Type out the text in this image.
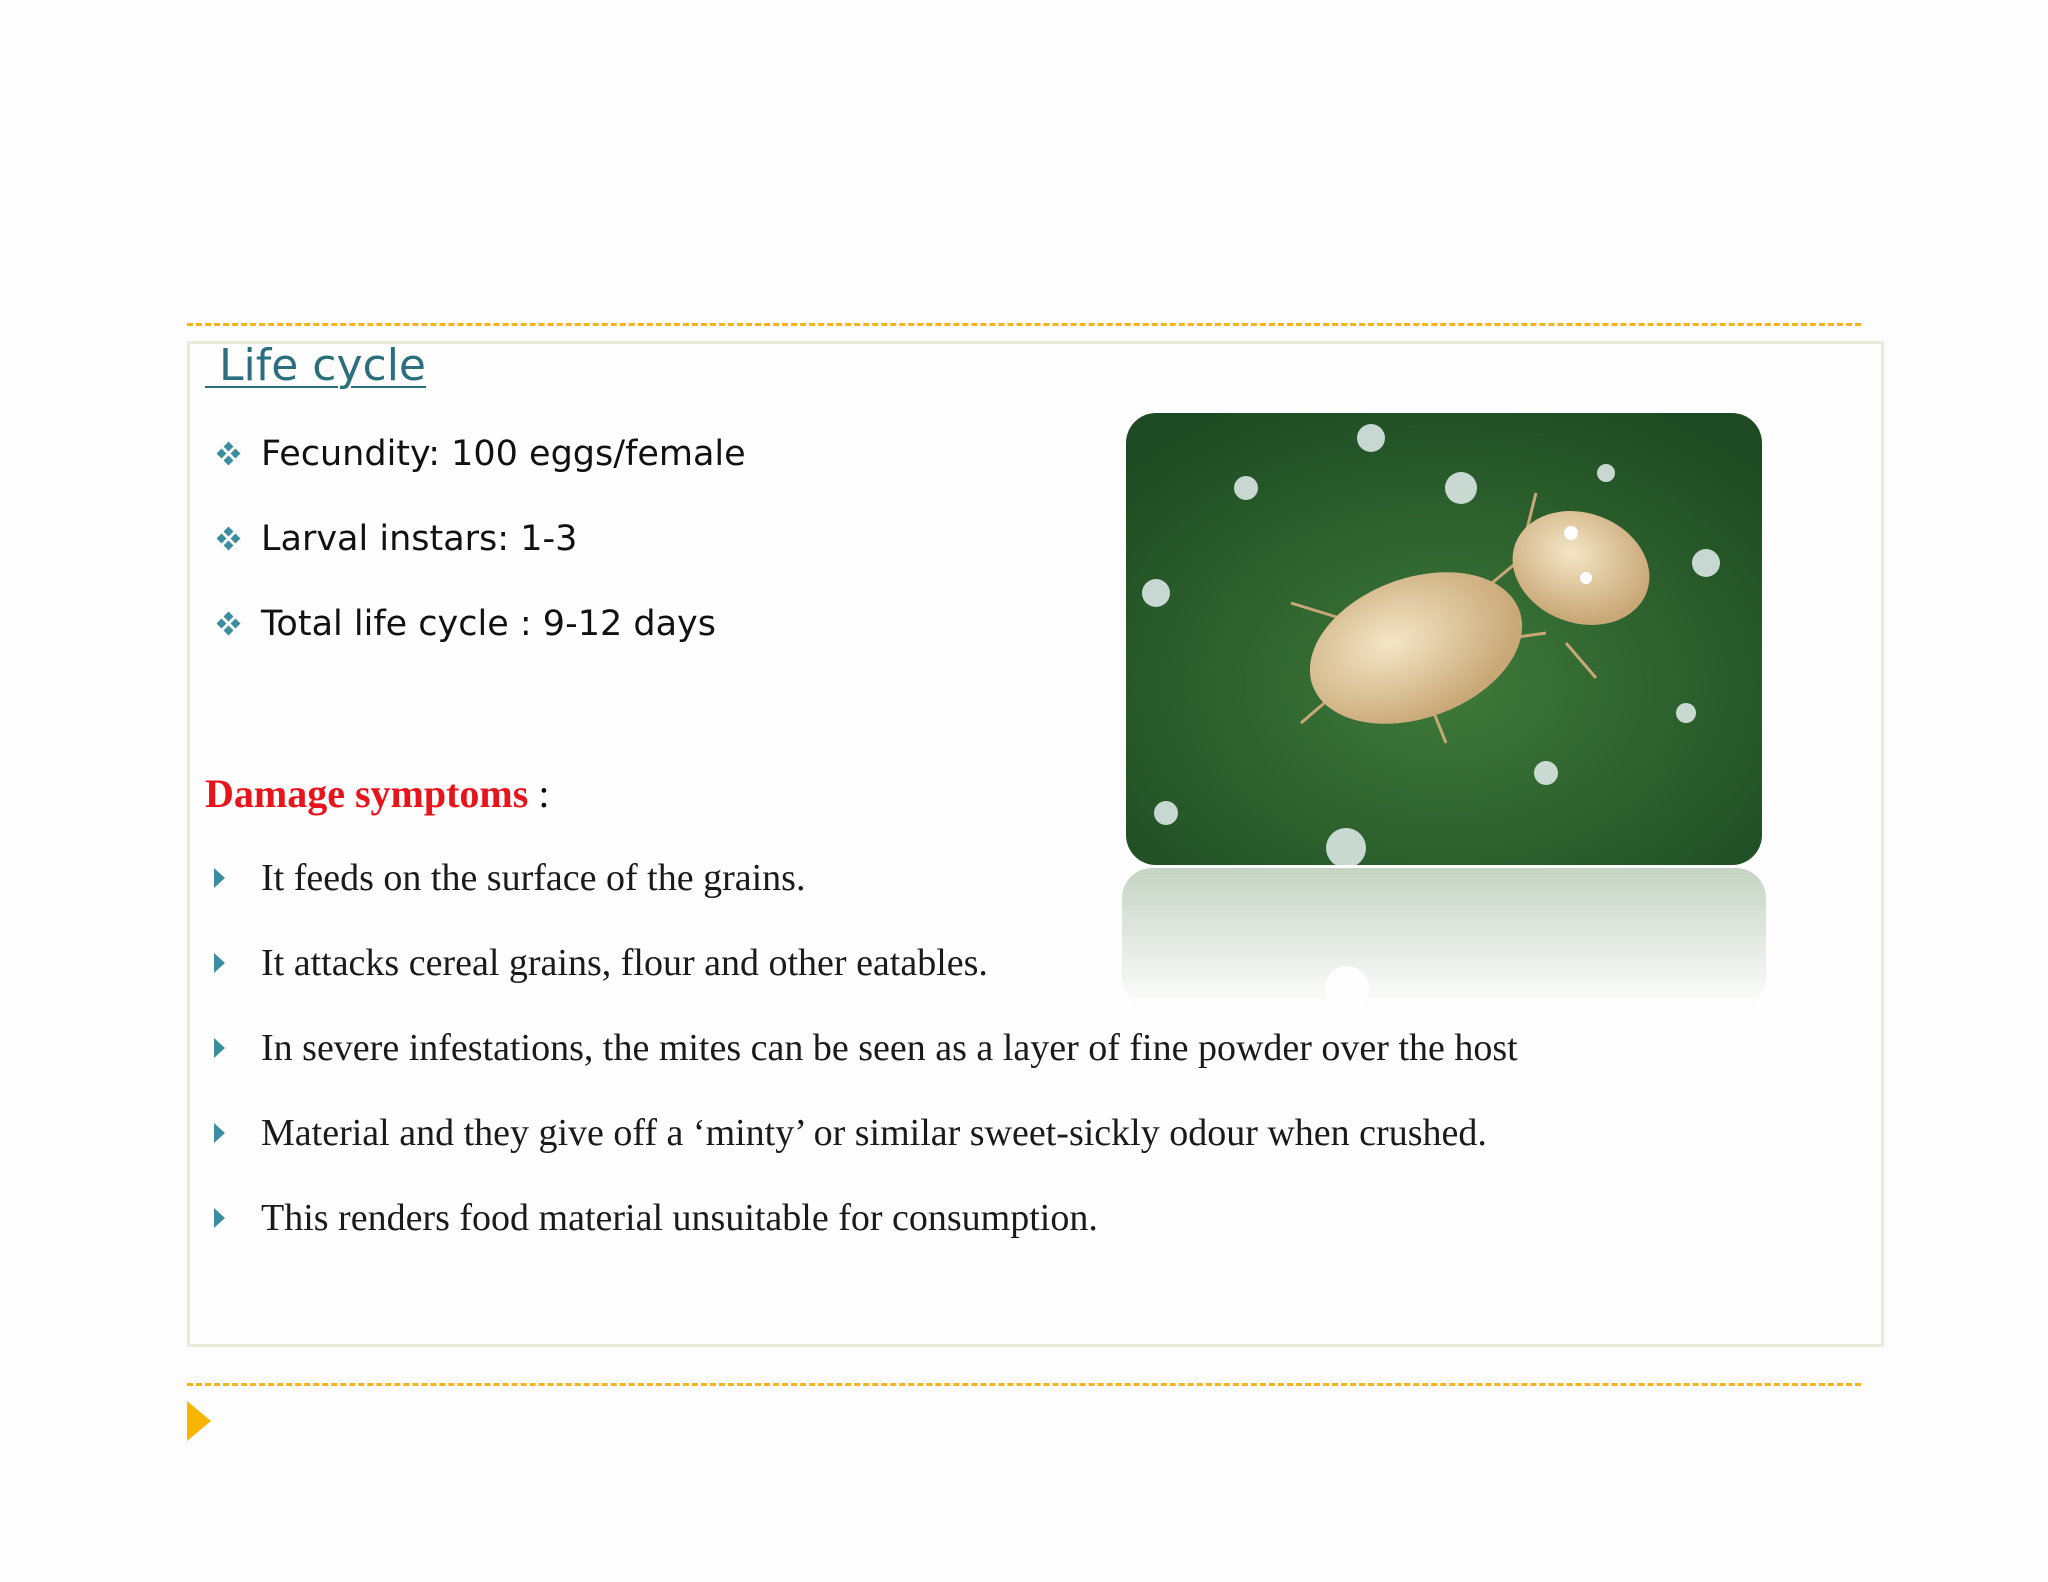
Life cycle
Fecundity: 100 eggs/female
Larval instars: 1-3
Total life cycle : 9-12 days
Damage symptoms :
It feeds on the surface of the grains.
It attacks cereal grains, flour and other eatables.
In severe infestations, the mites can be seen as a layer of fine powder over the host
Material and they give off a ‘minty’ or similar sweet-sickly odour when crushed.
This renders food material unsuitable for consumption.
